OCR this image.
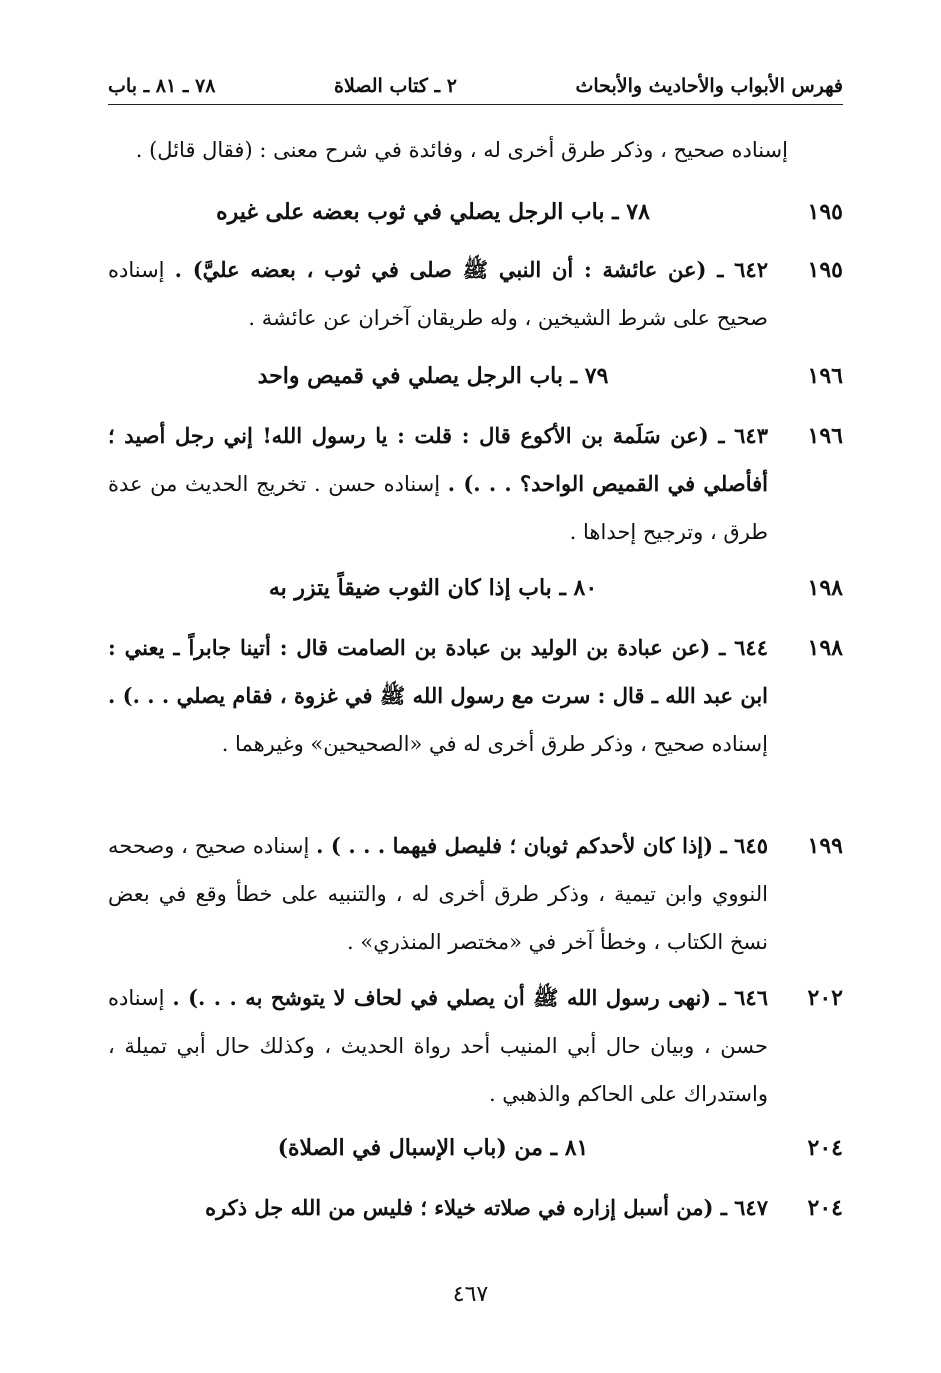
فهرس الأبواب والأحاديث والأبحاث
٢ ـ كتاب الصلاة
٧٨ ـ ٨١ ـ باب
إسناده صحيح ، وذكر طرق أخرى له ، وفائدة في شرح معنى : (فقال قائل) .
١٩٥
٧٨ ـ باب الرجل يصلي في ثوب بعضه على غيره
١٩٥
٦٤٢ ـ (عن عائشة : أن النبي ﷺ صلى في ثوب ، بعضه عليَّ) . إسناده صحيح على شرط الشيخين ، وله طريقان آخران عن عائشة .
١٩٦
٧٩ ـ باب الرجل يصلي في قميص واحد
١٩٦
٦٤٣ ـ (عن سَلَمة بن الأكوع قال : قلت : يا رسول الله! إني رجل أصيد ؛ أفأصلي في القميص الواحد؟ . . .) . إسناده حسن . تخريج الحديث من عدة طرق ، وترجيح إحداها .
١٩٨
٨٠ ـ باب إذا كان الثوب ضيقاً يتزر به
١٩٨
٦٤٤ ـ (عن عبادة بن الوليد بن عبادة بن الصامت قال : أتينا جابراً ـ يعني : ابن عبد الله ـ قال : سرت مع رسول الله ﷺ في غزوة ، فقام يصلي . . .) . إسناده صحيح ، وذكر طرق أخرى له في «الصحيحين» وغيرهما .
١٩٩
٦٤٥ ـ (إذا كان لأحدكم ثوبان ؛ فليصل فيهما . . . ) . إسناده صحيح ، وصححه النووي وابن تيمية ، وذكر طرق أخرى له ، والتنبيه على خطأ وقع في بعض نسخ الكتاب ، وخطأ آخر في «مختصر المنذري» .
٢٠٢
٦٤٦ ـ (نهى رسول الله ﷺ أن يصلي في لحاف لا يتوشح به . . .) . إسناده حسن ، وبيان حال أبي المنيب أحد رواة الحديث ، وكذلك حال أبي تميلة ، واستدراك على الحاكم والذهبي .
٢٠٤
٨١ ـ من (باب الإسبال في الصلاة)
٢٠٤
٦٤٧ ـ (من أسبل إزاره في صلاته خيلاء ؛ فليس من الله جل ذكره
٤٦٧
